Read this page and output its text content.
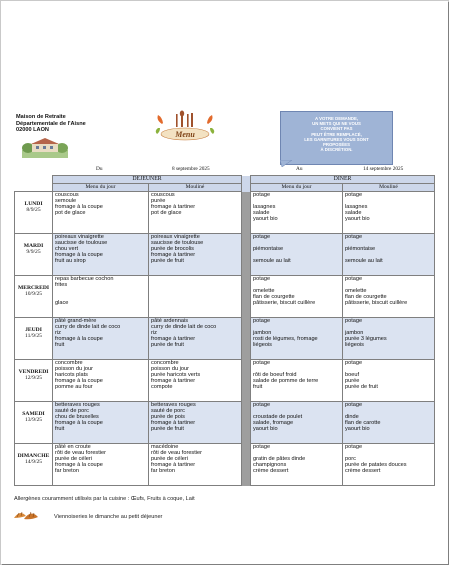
Maison de Retraite
Départementale de l'Aisne
02000 LAON	Menu
A VOTRE DEMANDE,
UN METS QUI NE VOUS
CONVIENT PAS
PEUT ÊTRE REMPLACÉ,
LES GARNITURES VOUS SONT
PROPOSÉES
À DISCRÉTION.
Du	8 septembre 2025	Au	14 septembre 2025
	DEJEUNER			DINER	
	Menu du jour	Mouliné		Menu du jour	Mouliné

LUNDI
8/9/25	couscous
semoule
fromage à la coupe
pot de glace	couscous
purée
fromage à tartiner
pot de glace		potage
lasagnes
salade
yaourt bio	potage
lasagnes
salade
yaourt bio

MARDI
9/9/25	poireaux vinaigrette
saucisse de toulouse
chou vert
fromage à la coupe
fruit au sirop	poireaux vinaigrette
saucisse de toulouse
purée de brocolis
fromage à tartiner
purée de fruit		potage
piémontaise
semoule au lait	potage
piémontaise
semoule au lait

MERCREDI
10/9/25	repas barbecue cochon
frites
glace			potage
omelette
flan de courgette
pâtisserie, biscuit cuillère	potage
omelette
flan de courgette
pâtisserie, biscuit cuillère

JEUDI
11/9/25	pâté grand-mère
curry de dinde lait de coco
riz
fromage à la coupe
fruit	pâté ardennais
curry de dinde lait de coco
riz
fromage à tartiner
purée de fruit		potage
jambon
rosti de légumes, fromage
liégeois	potage
jambon
purée 3 légumes
liégeois

VENDREDI
12/9/25	concombre
poisson du jour
haricots plats
fromage à la coupe
pomme au four	concombre
poisson du jour
purée haricots verts
fromage à tartiner
compote		potage
rôti de boeuf froid
salade de pomme de terre
fruit	potage
boeuf
purée
purée de fruit

SAMEDI
13/9/25	betteraves rouges
sauté de porc
chou de bruxelles
fromage à la coupe
fruit	betteraves rouges
sauté de porc
purée de pois
fromage à tartiner
purée de fruit		potage
croustade de poulet
salade, fromage
yaourt bio	potage
dinde
flan de carotte
yaourt bio

DIMANCHE
14/9/25	pâté en croute
rôti de veau forestier
purée de céleri
fromage à la coupe
far breton	macédoine
rôti de veau forestier
purée de céleri
fromage à tartiner
far breton		potage
gratin de pâtes dinde
champignons
crème dessert	potage
porc
purée de patates douces
crème dessert
Allergènes couramment utilisés par la cuisine : Œufs, Fruits à coque, Lait
Viennoiseries le dimanche au petit déjeuner
